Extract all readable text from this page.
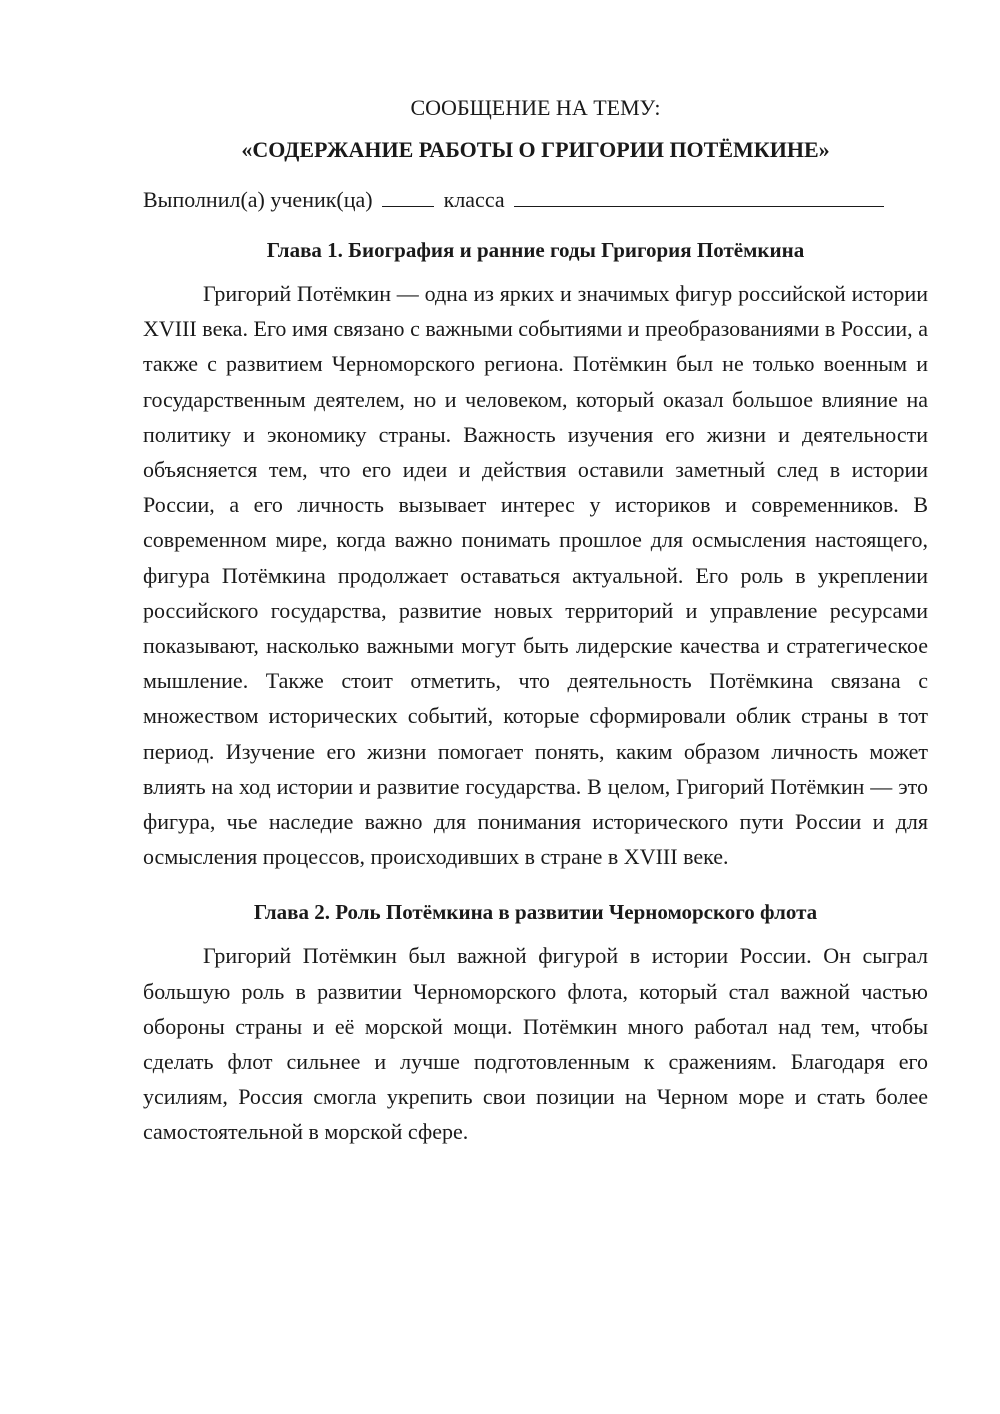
СООБЩЕНИЕ НА ТЕМУ:
«СОДЕРЖАНИЕ РАБОТЫ О ГРИГОРИИ ПОТЁМКИНЕ»
Выполнил(а) ученик(ца)	класса
Глава 1. Биография и ранние годы Григория Потёмкина

Григорий Потёмкин — одна из ярких и значимых фигур российской истории XVIII века. Его имя связано с важными событиями и преобразованиями в России, а также с развитием Черноморского региона. Потёмкин был не только военным и государственным деятелем, но и человеком, который оказал большое влияние на политику и экономику страны. Важность изучения его жизни и деятельности объясняется тем, что его идеи и действия оставили заметный след в истории России, а его личность вызывает интерес у историков и современников. В современном мире, когда важно понимать прошлое для осмысления настоящего, фигура Потёмкина продолжает оставаться актуальной. Его роль в укреплении российского государства, развитие новых территорий и управление ресурсами показывают, насколько важными могут быть лидерские качества и стратегическое мышление. Также стоит отметить, что деятельность Потёмкина связана с множеством исторических событий, которые сформировали облик страны в тот период. Изучение его жизни помогает понять, каким образом личность может влиять на ход истории и развитие государства. В целом, Григорий Потёмкин — это фигура, чье наследие важно для понимания исторического пути России и для осмысления процессов, происходивших в стране в XVIII веке.

Глава 2. Роль Потёмкина в развитии Черноморского флота

Григорий Потёмкин был важной фигурой в истории России. Он сыграл большую роль в развитии Черноморского флота, который стал важной частью обороны страны и её морской мощи. Потёмкин много работал над тем, чтобы сделать флот сильнее и лучше подготовленным к сражениям. Благодаря его усилиям, Россия смогла укрепить свои позиции на Черном море и стать более самостоятельной в морской сфере.
